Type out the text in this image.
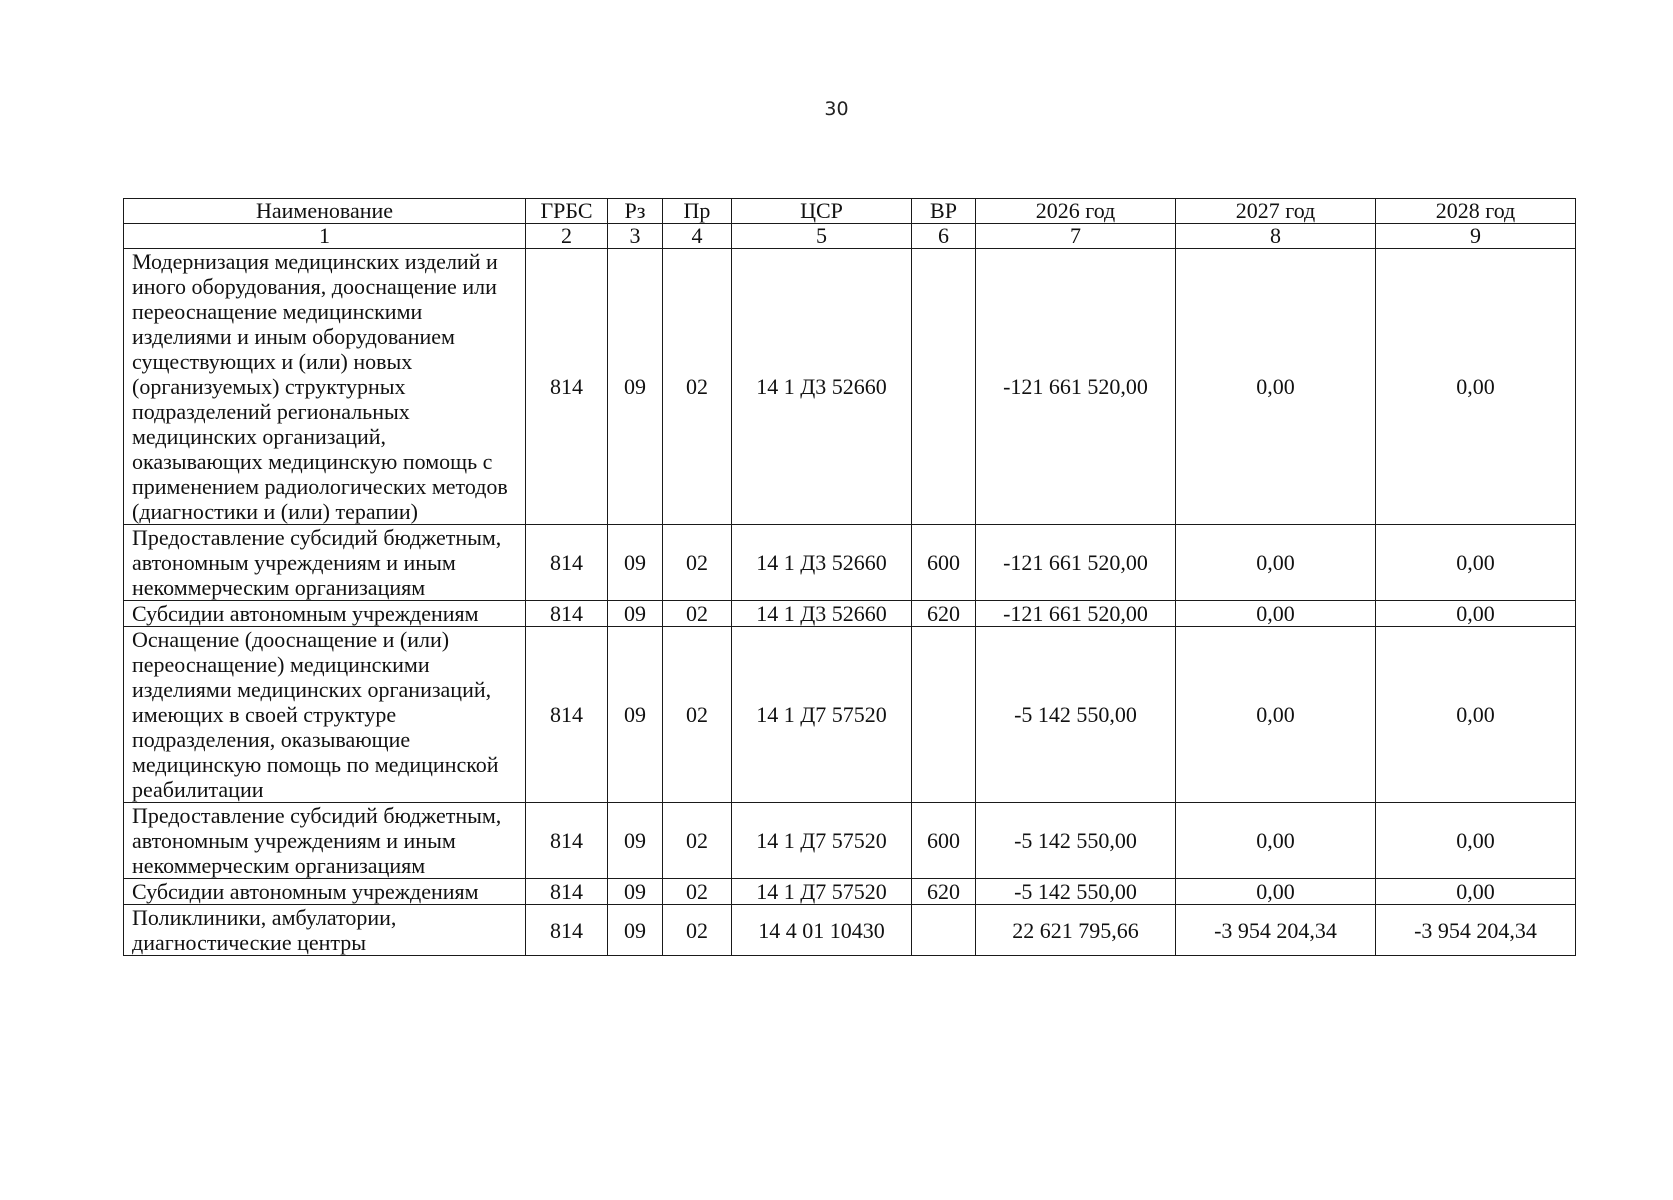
30
Наименование	ГРБС	Рз	Пр	ЦСР	ВР	2026 год	2027 год	2028 год
1	2	3	4	5	6	7	8	9
Модернизация медицинских изделий и иного оборудования, дооснащение или переоснащение медицинскими изделиями и иным оборудованием существующих и (или) новых (организуемых) структурных подразделений региональных медицинских организаций, оказывающих медицинскую помощь с применением радиологических методов (диагностики и (или) терапии)	814	09	02	14 1 Д3 52660		-121 661 520,00	0,00	0,00
Предоставление субсидий бюджетным, автономным учреждениям и иным некоммерческим организациям	814	09	02	14 1 Д3 52660	600	-121 661 520,00	0,00	0,00
Субсидии автономным учреждениям	814	09	02	14 1 Д3 52660	620	-121 661 520,00	0,00	0,00
Оснащение (дооснащение и (или) переоснащение) медицинскими изделиями медицинских организаций, имеющих в своей структуре подразделения, оказывающие медицинскую помощь по медицинской реабилитации	814	09	02	14 1 Д7 57520		-5 142 550,00	0,00	0,00
Предоставление субсидий бюджетным, автономным учреждениям и иным некоммерческим организациям	814	09	02	14 1 Д7 57520	600	-5 142 550,00	0,00	0,00
Субсидии автономным учреждениям	814	09	02	14 1 Д7 57520	620	-5 142 550,00	0,00	0,00
Поликлиники, амбулатории, диагностические центры	814	09	02	14 4 01 10430		22 621 795,66	-3 954 204,34	-3 954 204,34
